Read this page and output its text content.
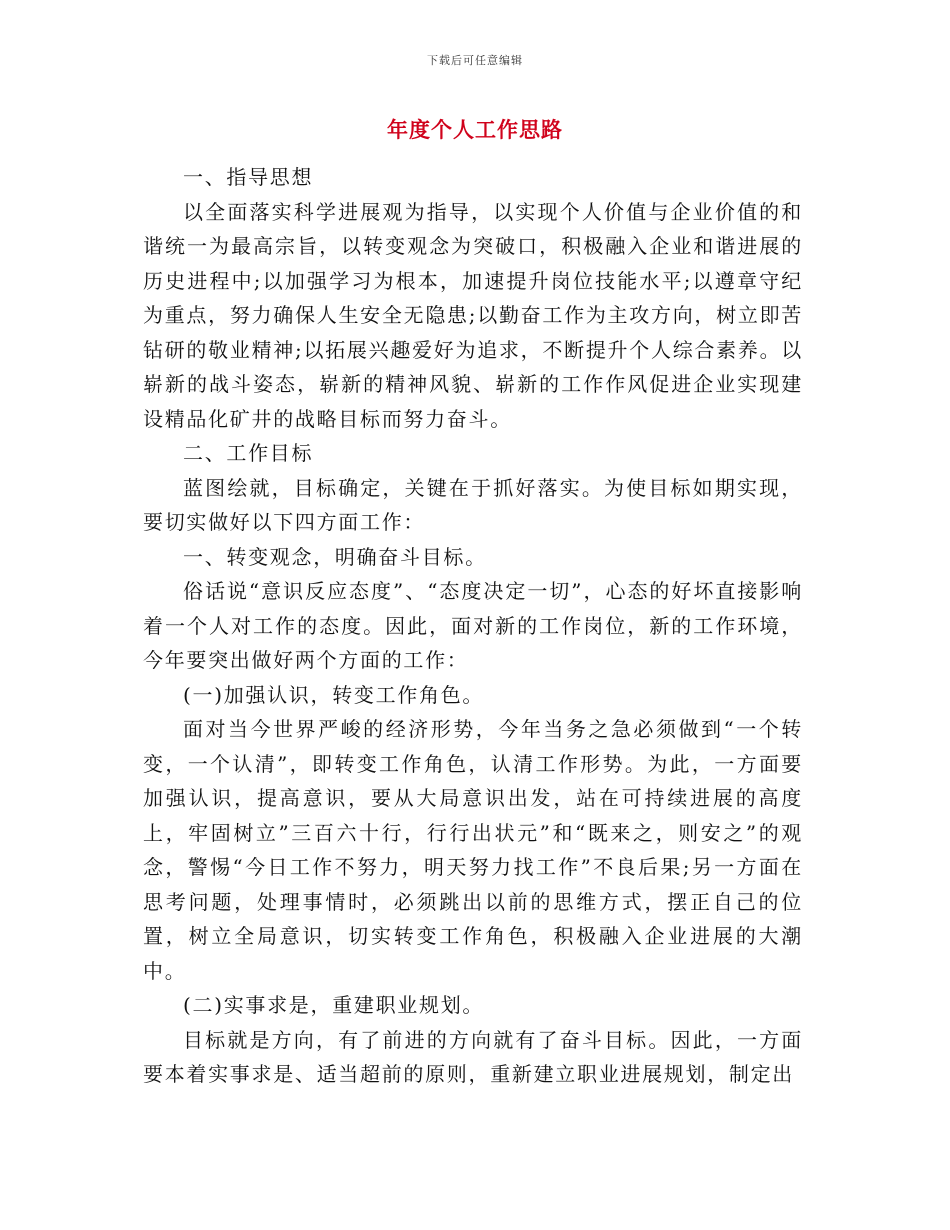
下载后可任意编辑
年度个人工作思路

一、指导思想

以全面落实科学进展观为指导，以实现个人价值与企业价值的和谐统一为最高宗旨，以转变观念为突破口，积极融入企业和谐进展的历史进程中;以加强学习为根本，加速提升岗位技能水平;以遵章守纪为重点，努力确保人生安全无隐患;以勤奋工作为主攻方向，树立即苦钻研的敬业精神;以拓展兴趣爱好为追求，不断提升个人综合素养。以崭新的战斗姿态，崭新的精神风貌、崭新的工作作风促进企业实现建设精品化矿井的战略目标而努力奋斗。

二、工作目标

蓝图绘就，目标确定，关键在于抓好落实。为使目标如期实现，要切实做好以下四方面工作：

一、转变观念，明确奋斗目标。

俗话说“意识反应态度”、“态度决定一切”，心态的好坏直接影响着一个人对工作的态度。因此，面对新的工作岗位，新的工作环境，今年要突出做好两个方面的工作：

(一)加强认识，转变工作角色。

面对当今世界严峻的经济形势，今年当务之急必须做到“一个转变，一个认清”，即转变工作角色，认清工作形势。为此，一方面要加强认识，提高意识，要从大局意识出发，站在可持续进展的高度上，牢固树立”三百六十行，行行出状元”和“既来之，则安之”的观念，警惕“今日工作不努力，明天努力找工作”不良后果;另一方面在思考问题，处理事情时，必须跳出以前的思维方式，摆正自己的位置，树立全局意识，切实转变工作角色，积极融入企业进展的大潮中。

(二)实事求是，重建职业规划。

目标就是方向，有了前进的方向就有了奋斗目标。因此，一方面要本着实事求是、适当超前的原则，重新建立职业进展规划，制定出
